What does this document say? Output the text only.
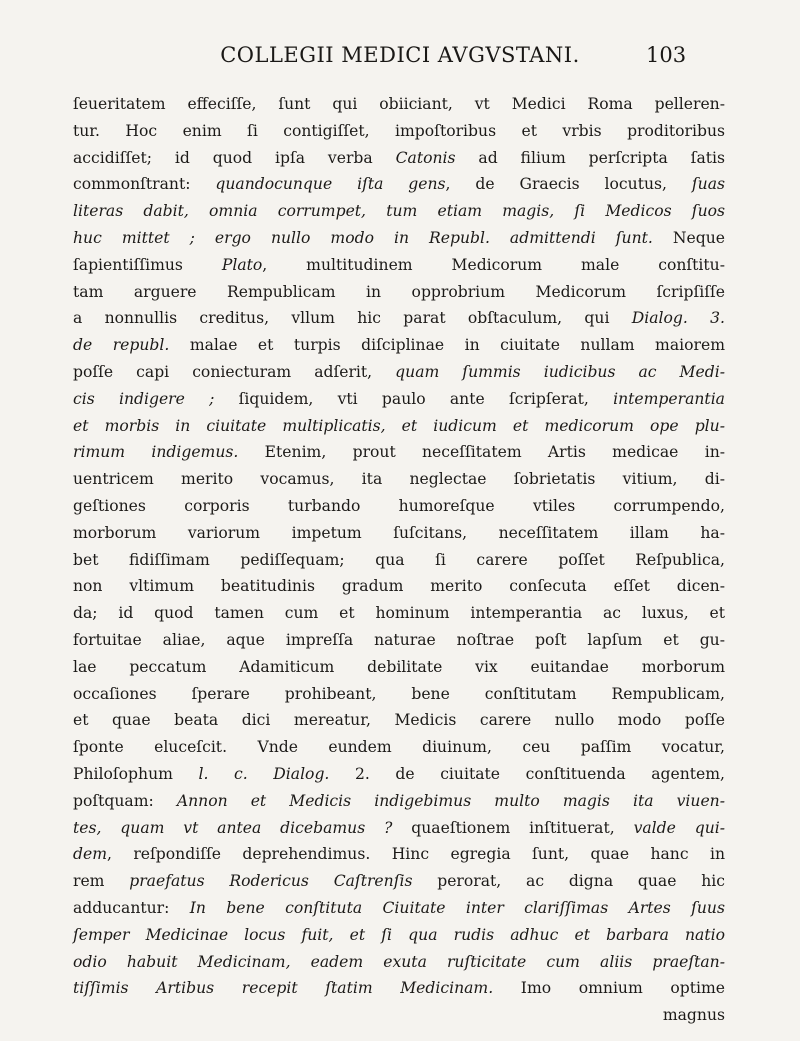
COLLEGII MEDICI AVGVSTANI.	103
ſeueritatem effeciſſe, ſunt qui obiiciant, vt Medici Roma pelleren-
tur. Hoc enim ſi contigiſſet, impoſtoribus et vrbis proditoribus
accidiſſet; id quod ipſa verba Catonis ad filium perſcripta ſatis
commonſtrant: quandocunque iſta gens, de Graecis locutus, ſuas
literas dabit, omnia corrumpet, tum etiam magis, ſi Medicos ſuos
huc mittet ; ergo nullo modo in Republ. admittendi ſunt. Neque
ſapientiſſimus Plato, multitudinem Medicorum male conſtitu-
tam arguere Rempublicam in opprobrium Medicorum ſcripſiſſe
a nonnullis creditus, vllum hic parat obſtaculum, qui Dialog. 3.
de republ. malae et turpis diſciplinae in ciuitate nullam maiorem
poſſe capi coniecturam adſerit, quam ſummis iudicibus ac Medi-
cis indigere ; ſiquidem, vti paulo ante ſcripſerat, intemperantia
et morbis in ciuitate multiplicatis, et iudicum et medicorum ope plu-
rimum indigemus. Etenim, prout neceſſitatem Artis medicae in-
uentricem merito vocamus, ita neglectae ſobrietatis vitium, di-
geſtiones corporis turbando humoreſque vtiles corrumpendo,
morborum variorum impetum ſuſcitans, neceſſitatem illam ha-
bet fidiſſimam pediſſequam; qua ſi carere poſſet Reſpublica,
non vltimum beatitudinis gradum merito conſecuta eſſet dicen-
da; id quod tamen cum et hominum intemperantia ac luxus, et
fortuitae aliae, aque impreſſa naturae noſtrae poſt lapſum et gu-
lae peccatum Adamiticum debilitate vix euitandae morborum
occaſiones ſperare prohibeant, bene conſtitutam Rempublicam,
et quae beata dici mereatur, Medicis carere nullo modo poſſe
ſponte eluceſcit. Vnde eundem diuinum, ceu paſſim vocatur,
Philoſophum l. c. Dialog. 2. de ciuitate conſtituenda agentem,
poſtquam: Annon et Medicis indigebimus multo magis ita viuen-
tes, quam vt antea dicebamus ? quaeſtionem inſtituerat, valde qui-
dem, reſpondiſſe deprehendimus. Hinc egregia ſunt, quae hanc in
rem praefatus Rodericus Caſtrenſis perorat, ac digna quae hic
adducantur: In bene conſtituta Ciuitate inter clariſſimas Artes ſuus
ſemper Medicinae locus fuit, et ſi qua rudis adhuc et barbara natio
odio habuit Medicinam, eadem exuta ruſticitate cum aliis praeſtan-
tiſſimis Artibus recepit ſtatim Medicinam. Imo omnium optime
magnus
